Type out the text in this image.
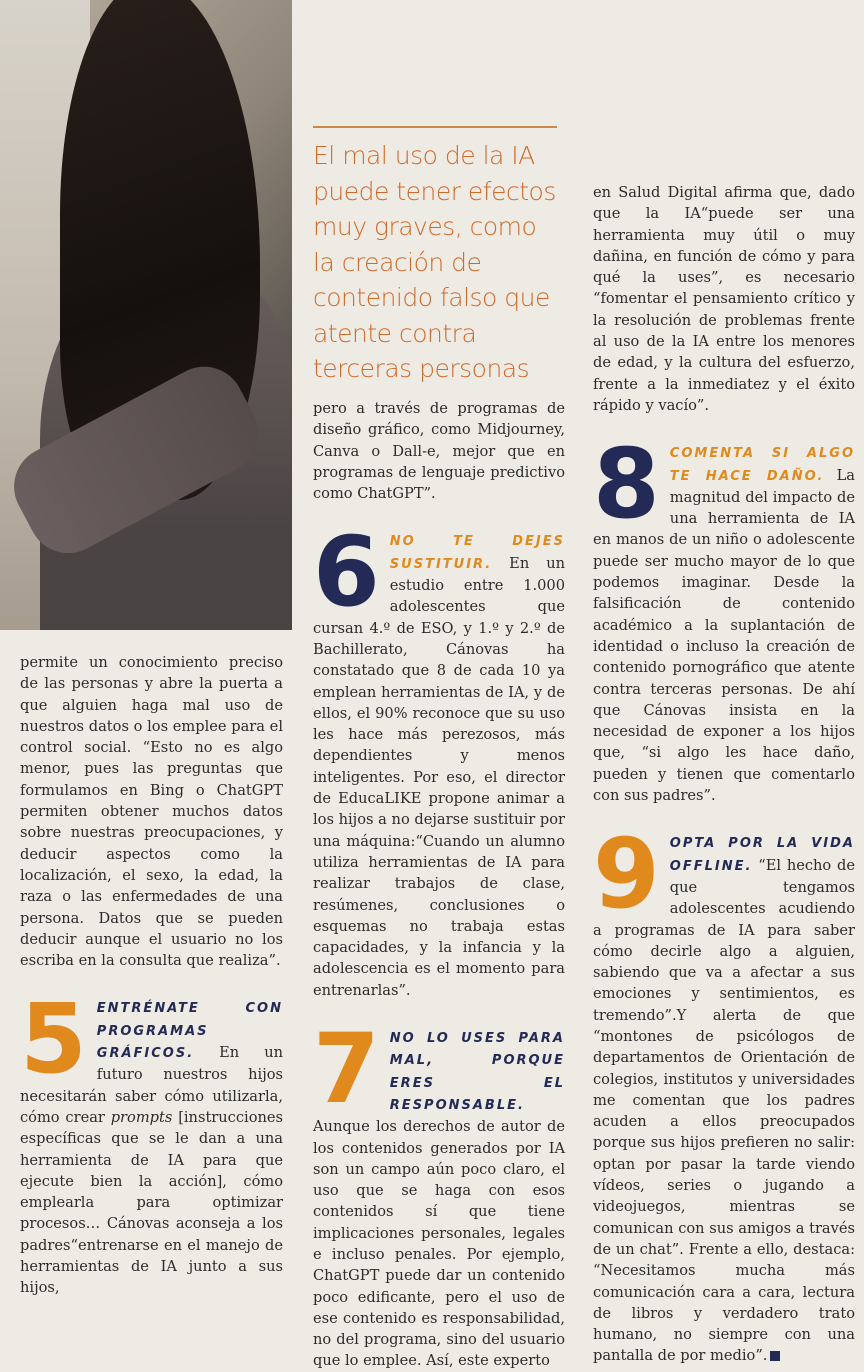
El mal uso de la IA puede tener efectos muy graves, como la creación de contenido falso que atente contra terceras personas

permite un conocimiento preciso de las personas y abre la puerta a que alguien haga mal uso de nuestros datos o los emplee para el control social. “Esto no es algo menor, pues las preguntas que formulamos en Bing o ChatGPT permiten obtener muchos datos sobre nuestras preocupaciones, y deducir aspectos como la localización, el sexo, la edad, la raza o las enfermedades de una persona. Datos que se pueden deducir aunque el usuario no los escriba en la consulta que realiza”.

5 ENTRÉNATE CON PROGRAMAS GRÁFICOS. En un futuro nuestros hijos necesitarán saber cómo utilizarla, cómo crear prompts [instrucciones específicas que se le dan a una herramienta de IA para que ejecute bien la acción], cómo emplearla para optimizar procesos… Cánovas aconseja a los padres“entrenarse en el manejo de herramientas de IA junto a sus hijos,

pero a través de programas de diseño gráfico, como Midjourney, Canva o Dall-e, mejor que en programas de lenguaje predictivo como ChatGPT”.

6 NO TE DEJES SUSTITUIR. En un estudio entre 1.000 adolescentes que cursan 4.º de ESO, y 1.º y 2.º de Bachillerato, Cánovas ha constatado que 8 de cada 10 ya emplean herramientas de IA, y de ellos, el 90% reconoce que su uso les hace más perezosos, más dependientes y menos inteligentes. Por eso, el director de EducaLIKE propone animar a los hijos a no dejarse sustituir por una máquina:“Cuando un alumno utiliza herramientas de IA para realizar trabajos de clase, resúmenes, conclusiones o esquemas no trabaja estas capacidades, y la infancia y la adolescencia es el momento para entrenarlas”.

7 NO LO USES PARA MAL, PORQUE ERES EL RESPONSABLE. Aunque los derechos de autor de los contenidos generados por IA son un campo aún poco claro, el uso que se haga con esos contenidos sí que tiene implicaciones personales, legales e incluso penales. Por ejemplo, ChatGPT puede dar un contenido poco edificante, pero el uso de ese contenido es responsabilidad, no del programa, sino del usuario que lo emplee. Así, este experto

en Salud Digital afirma que, dado que la IA“puede ser una herramienta muy útil o muy dañina, en función de cómo y para qué la uses”, es necesario “fomentar el pensamiento crítico y la resolución de problemas frente al uso de la IA entre los menores de edad, y la cultura del esfuerzo, frente a la inmediatez y el éxito rápido y vacío”.

8 COMENTA SI ALGO TE HACE DAÑO. La magnitud del impacto de una herramienta de IA en manos de un niño o adolescente puede ser mucho mayor de lo que podemos imaginar. Desde la falsificación de contenido académico a la suplantación de identidad o incluso la creación de contenido pornográfico que atente contra terceras personas. De ahí que Cánovas insista en la necesidad de exponer a los hijos que, “si algo les hace daño, pueden y tienen que comentarlo con sus padres”.

9 OPTA POR LA VIDA OFFLINE. “El hecho de que tengamos adolescentes acudiendo a programas de IA para saber cómo decirle algo a alguien, sabiendo que va a afectar a sus emociones y sentimientos, es tremendo”.Y alerta de que “montones de psicólogos de departamentos de Orientación de colegios, institutos y universidades me comentan que los padres acuden a ellos preocupados porque sus hijos prefieren no salir: optan por pasar la tarde viendo vídeos, series o jugando a videojuegos, mientras se comunican con sus amigos a través de un chat”. Frente a ello, destaca: “Necesitamos mucha más comunicación cara a cara, lectura de libros y verdadero trato humano, no siempre con una pantalla de por medio”.
